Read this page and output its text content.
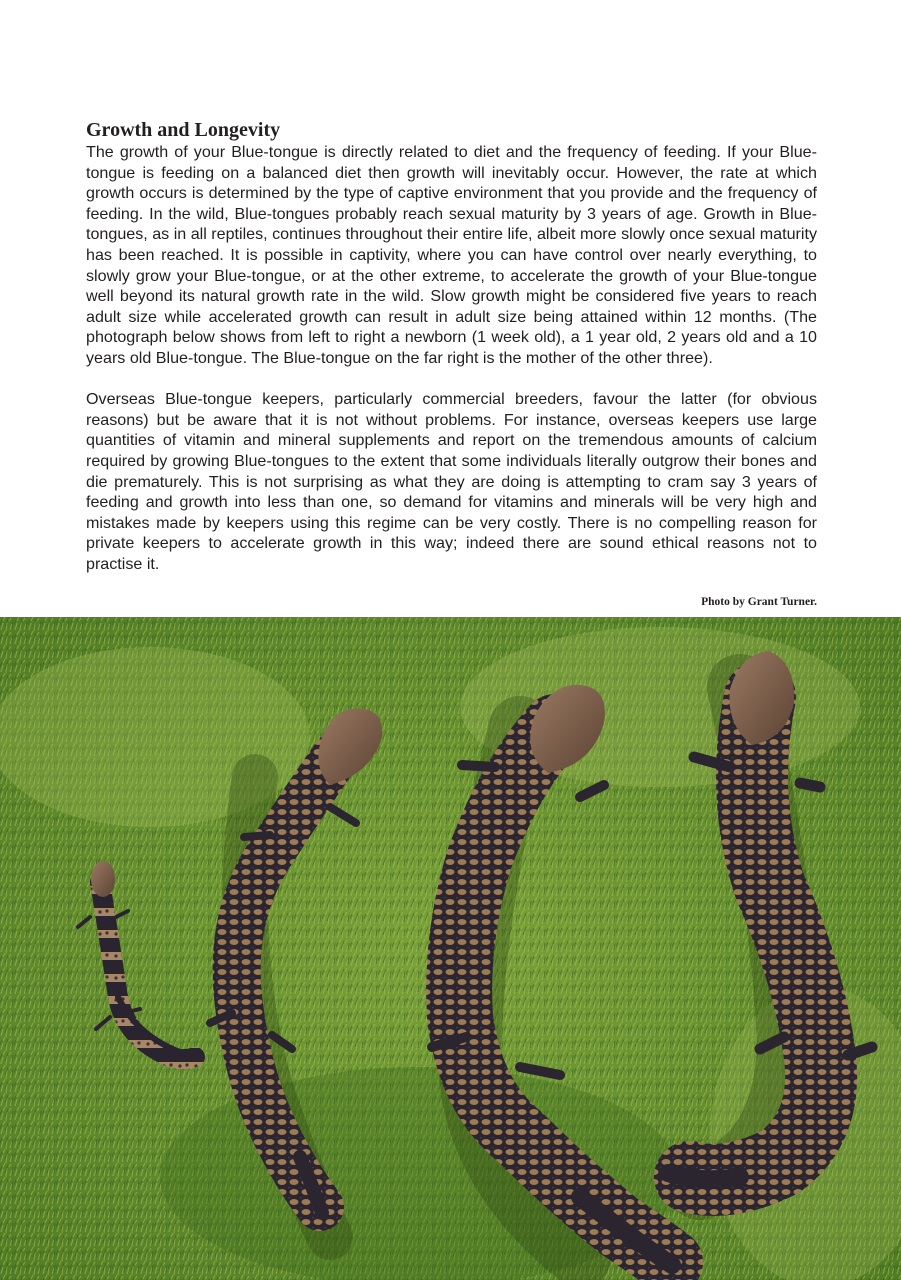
Growth and Longevity

The growth of your Blue-tongue is directly related to diet and the frequency of feeding. If your Blue-tongue is feeding on a balanced diet then growth will inevitably occur. However, the rate at which growth occurs is determined by the type of captive environment that you provide and the frequency of feeding. In the wild, Blue-tongues probably reach sexual maturity by 3 years of age. Growth in Blue-tongues, as in all reptiles, continues throughout their entire life, albeit more slowly once sexual maturity has been reached. It is possible in captivity, where you can have control over nearly everything, to slowly grow your Blue-tongue, or at the other extreme, to accelerate the growth of your Blue-tongue well beyond its natural growth rate in the wild. Slow growth might be considered five years to reach adult size while accelerated growth can result in adult size being attained within 12 months. (The photograph below shows from left to right a newborn (1 week old), a 1 year old, 2 years old and a 10 years old Blue-tongue. The Blue-tongue on the far right is the mother of the other three).

Overseas Blue-tongue keepers, particularly commercial breeders, favour the latter (for obvious reasons) but be aware that it is not without problems. For instance, overseas keepers use large quantities of vitamin and mineral supplements and report on the tremendous amounts of calcium required by growing Blue-tongues to the extent that some individuals literally outgrow their bones and die prematurely. This is not surprising as what they are doing is attempting to cram say 3 years of feeding and growth into less than one, so demand for vitamins and minerals will be very high and mistakes made by keepers using this regime can be very costly. There is no compelling reason for private keepers to accelerate growth in this way; indeed there are sound ethical reasons not to practise it.

Photo by Grant Turner.
